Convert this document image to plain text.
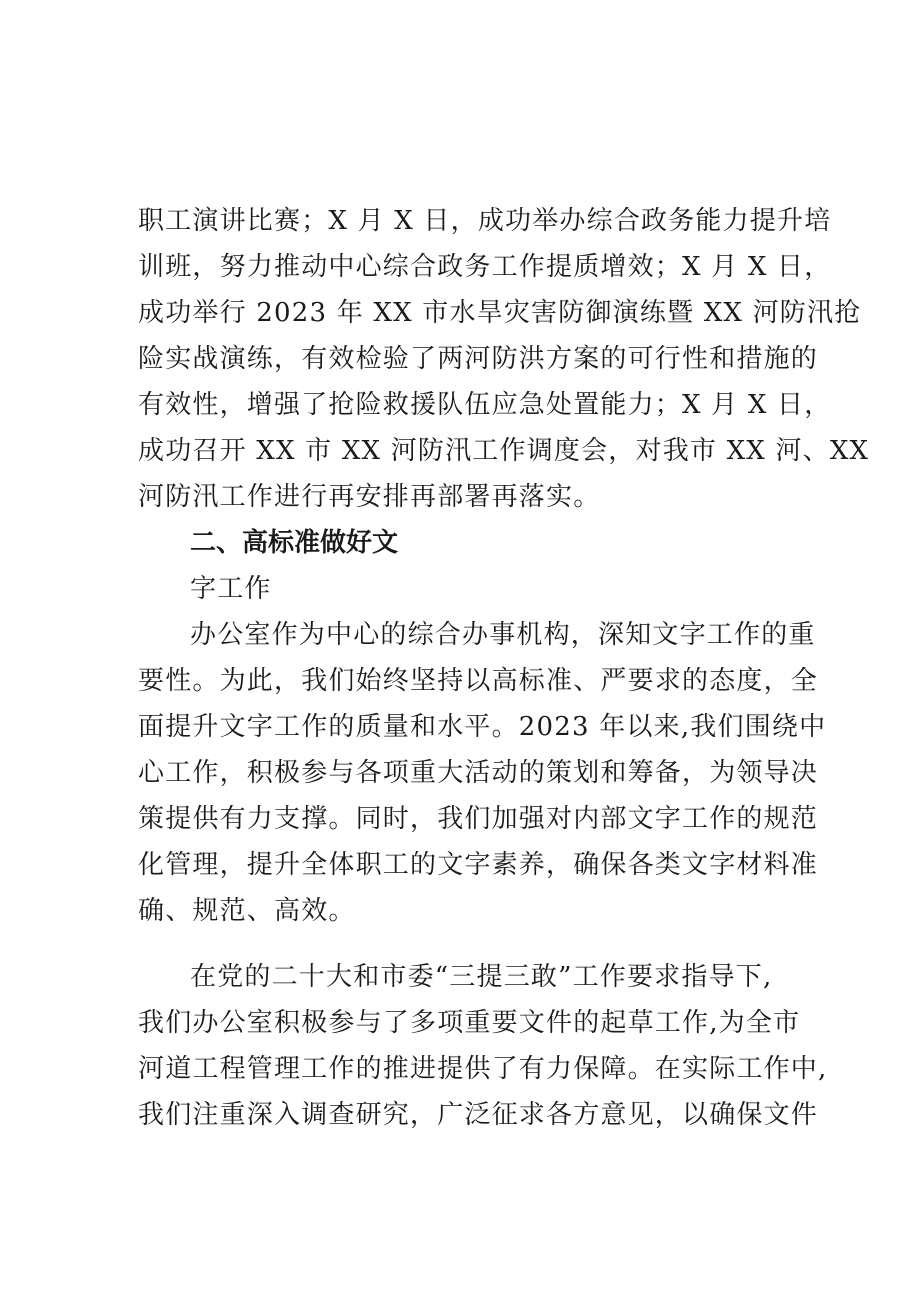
职工演讲比赛；X 月 X 日，成功举办综合政务能力提升培
训班，努力推动中心综合政务工作提质增效；X 月 X 日，
成功举行 2023 年 XX 市水旱灾害防御演练暨 XX 河防汛抢
险实战演练，有效检验了两河防洪方案的可行性和措施的
有效性，增强了抢险救援队伍应急处置能力；X 月 X 日，
成功召开 XX 市 XX 河防汛工作调度会，对我市 XX 河、XX
河防汛工作进行再安排再部署再落实。
二、高标准做好文
字工作
办公室作为中心的综合办事机构，深知文字工作的重
要性。为此，我们始终坚持以高标准、严要求的态度，全
面提升文字工作的质量和水平。2023 年以来,我们围绕中
心工作，积极参与各项重大活动的策划和筹备，为领导决
策提供有力支撑。同时，我们加强对内部文字工作的规范
化管理，提升全体职工的文字素养，确保各类文字材料准
确、规范、高效。
在党的二十大和市委“三提三敢”工作要求指导下,
我们办公室积极参与了多项重要文件的起草工作,为全市
河道工程管理工作的推进提供了有力保障。在实际工作中,
我们注重深入调查研究，广泛征求各方意见，以确保文件
